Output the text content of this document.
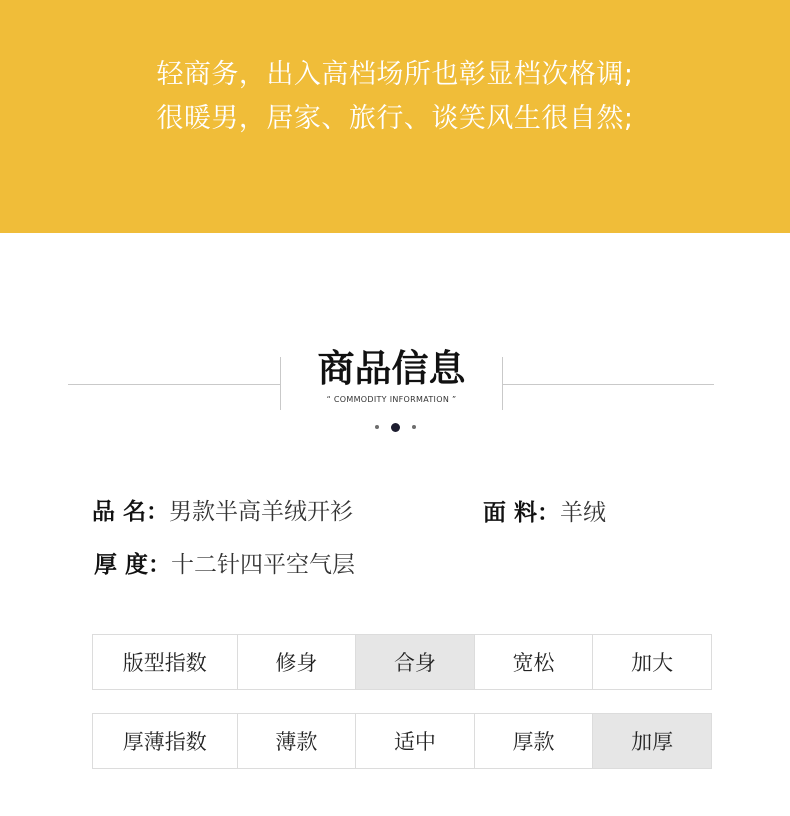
轻商务，出入高档场所也彰显档次格调;
很暖男，居家、旅行、谈笑风生很自然;
商品信息
“ COMMODITY INFORMATION ”
品 名：男款半高羊绒开衫	面 料：羊绒
厚 度：十二针四平空气层
版型指数	修身	合身	宽松	加大
厚薄指数	薄款	适中	厚款	加厚
